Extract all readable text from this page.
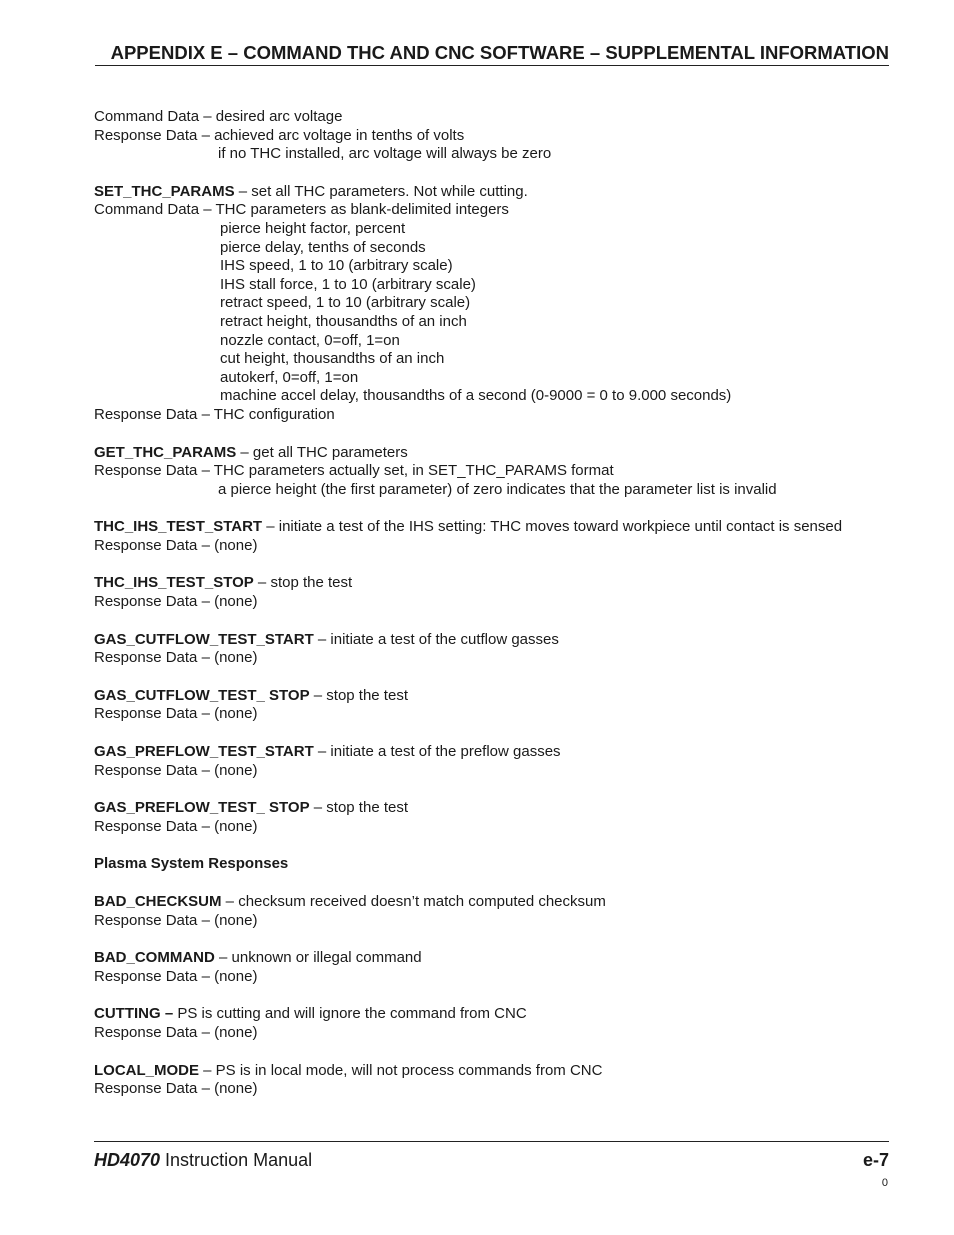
APPENDIX E – COMMAND THC AND CNC SOFTWARE – SUPPLEMENTAL INFORMATION
Command Data – desired arc voltage
Response Data – achieved arc voltage in tenths of volts
if no THC installed, arc voltage will always be zero
SET_THC_PARAMS – set all THC parameters. Not while cutting.
Command Data – THC parameters as blank-delimited integers
pierce height factor, percent
pierce delay, tenths of seconds
IHS speed, 1 to 10 (arbitrary scale)
IHS stall force, 1 to 10 (arbitrary scale)
retract speed, 1 to 10 (arbitrary scale)
retract height, thousandths of an inch
nozzle contact, 0=off, 1=on
cut height, thousandths of an inch
autokerf, 0=off, 1=on
machine accel delay, thousandths of a second (0-9000 = 0 to 9.000 seconds)
Response Data – THC configuration
GET_THC_PARAMS – get all THC parameters
Response Data – THC parameters actually set, in SET_THC_PARAMS format
a pierce height (the first parameter) of zero indicates that the parameter list is invalid
THC_IHS_TEST_START – initiate a test of the IHS setting: THC moves toward workpiece until contact is sensed
Response Data – (none)
THC_IHS_TEST_STOP – stop the test
Response Data – (none)
GAS_CUTFLOW_TEST_START – initiate a test of the cutflow gasses
Response Data – (none)
GAS_CUTFLOW_TEST_ STOP – stop the test
Response Data – (none)
GAS_PREFLOW_TEST_START – initiate a test of the preflow gasses
Response Data – (none)
GAS_PREFLOW_TEST_ STOP – stop the test
Response Data – (none)
Plasma System Responses
BAD_CHECKSUM – checksum received doesn’t match computed checksum
Response Data – (none)
BAD_COMMAND – unknown or illegal command
Response Data – (none)
CUTTING – PS is cutting and will ignore the command from CNC
Response Data – (none)
LOCAL_MODE – PS is in local mode, will not process commands from CNC
Response Data – (none)
HD4070 Instruction Manual	e-7
0
